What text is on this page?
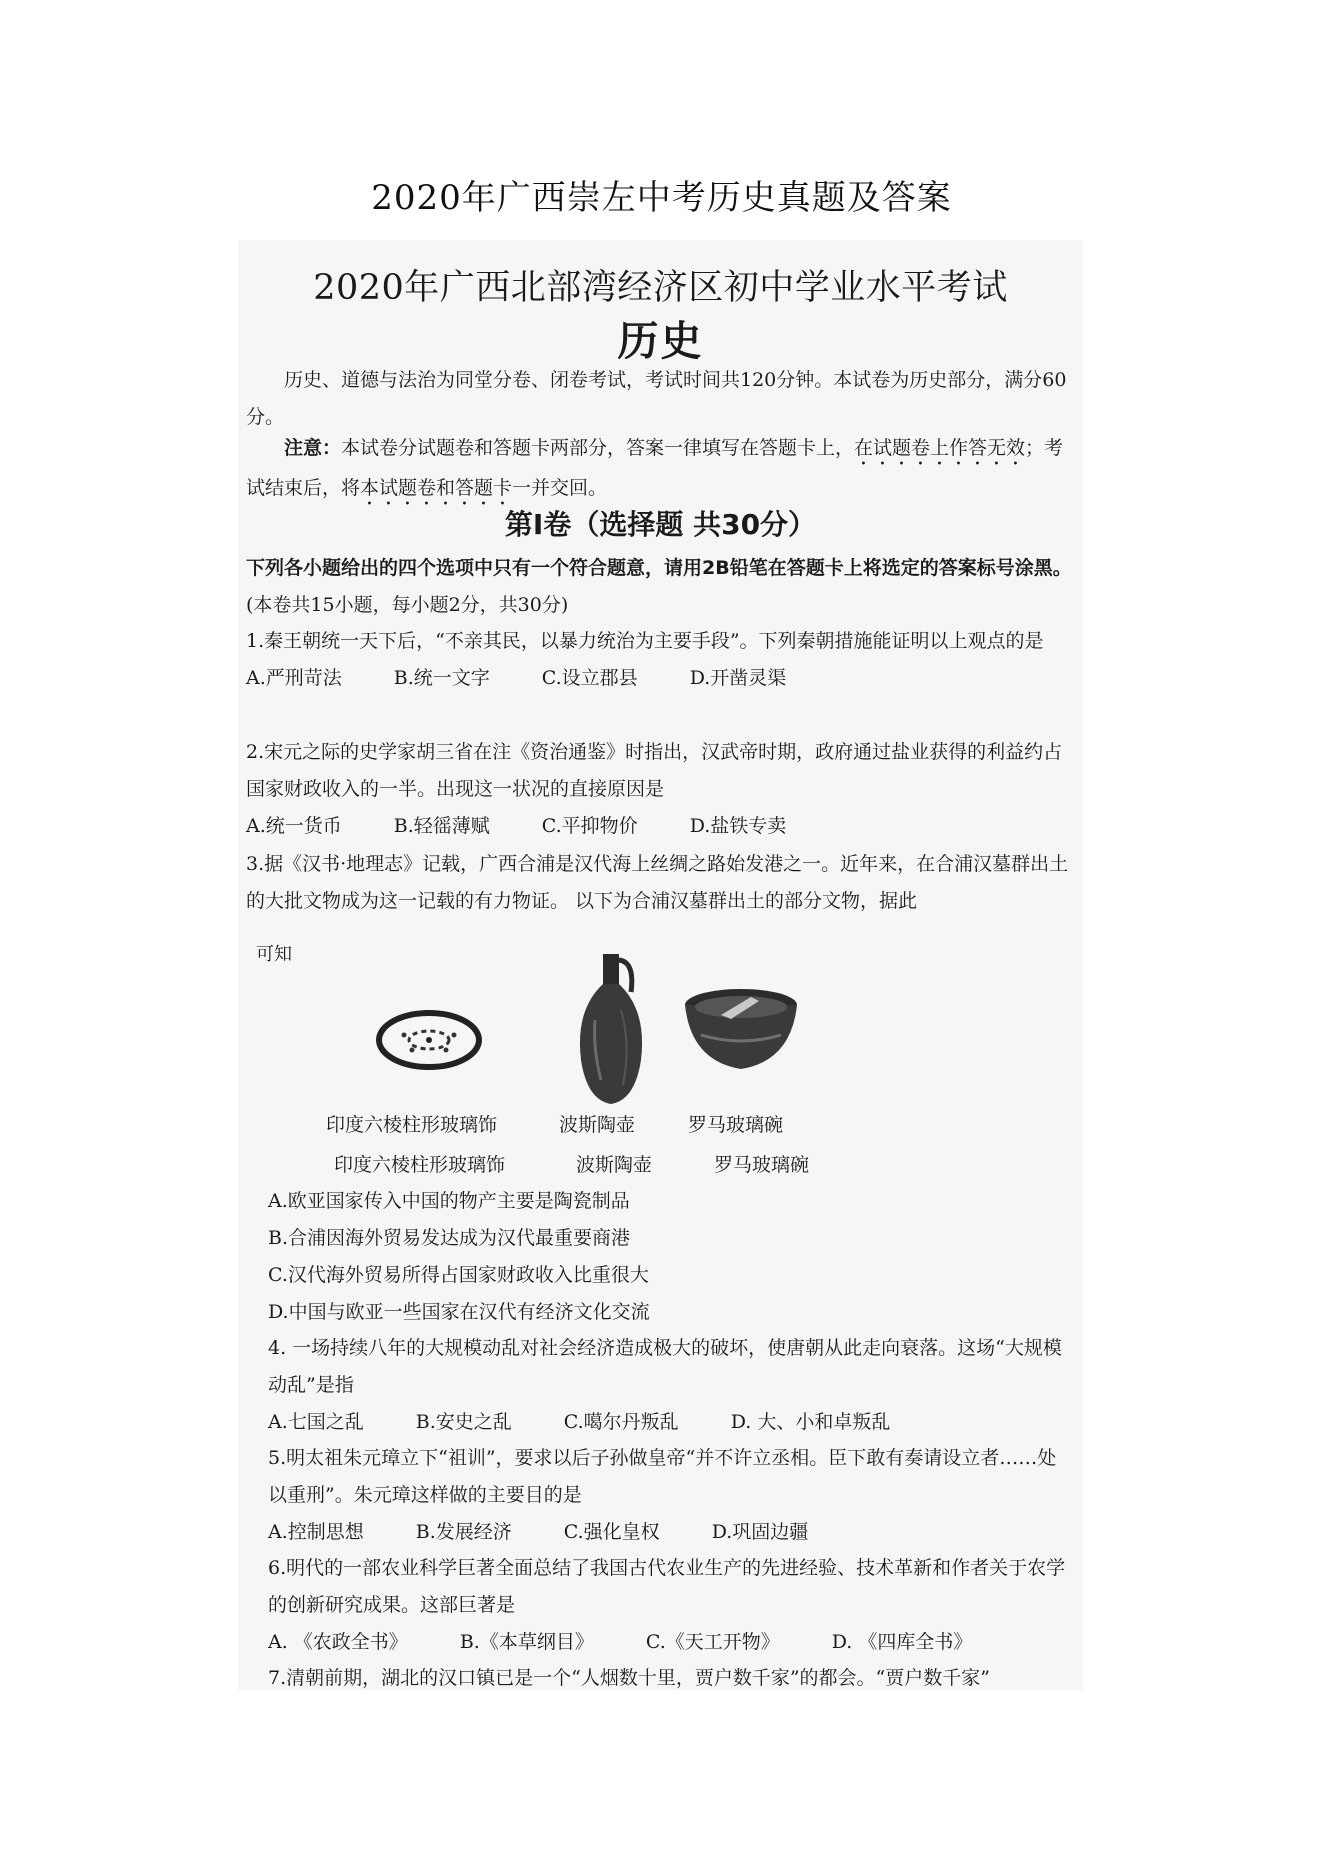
2020年广西崇左中考历史真题及答案
2020年广西北部湾经济区初中学业水平考试
历史
历史、道德与法治为同堂分卷、闭卷考试，考试时间共120分钟。本试卷为历史部分，满分60分。
注意：本试卷分试题卷和答题卡两部分，答案一律填写在答题卡上，在试题卷上作答无效；考试结束后，将本试题卷和答题卡一并交回。
第Ⅰ卷（选择题 共30分）
下列各小题给出的四个选项中只有一个符合题意，请用2B铅笔在答题卡上将选定的答案标号涂黑。(本卷共15小题，每小题2分，共30分)
1.秦王朝统一天下后，“不亲其民，以暴力统治为主要手段”。下列秦朝措施能证明以上观点的是
A.严刑苛法	B.统一文字	C.设立郡县	D.开凿灵渠
2.宋元之际的史学家胡三省在注《资治通鉴》时指出，汉武帝时期，政府通过盐业获得的利益约占国家财政收入的一半。出现这一状况的直接原因是
A.统一货币	B.轻徭薄赋	C.平抑物价	D.盐铁专卖
3.据《汉书·地理志》记载，广西合浦是汉代海上丝绸之路始发港之一。近年来，在合浦汉墓群出土的大批文物成为这一记载的有力物证。 以下为合浦汉墓群出土的部分文物，据此
可知
印度六棱柱形玻璃饰	波斯陶壶	罗马玻璃碗
印度六棱柱形玻璃饰	波斯陶壶	罗马玻璃碗
A.欧亚国家传入中国的物产主要是陶瓷制品
B.合浦因海外贸易发达成为汉代最重要商港
C.汉代海外贸易所得占国家财政收入比重很大
D.中国与欧亚一些国家在汉代有经济文化交流
4. 一场持续八年的大规模动乱对社会经济造成极大的破坏，使唐朝从此走向衰落。这场“大规模动乱”是指
A.七国之乱	B.安史之乱	C.噶尔丹叛乱	D. 大、小和卓叛乱
5.明太祖朱元璋立下“祖训”，要求以后子孙做皇帝“并不许立丞相。臣下敢有奏请设立者……处以重刑”。朱元璋这样做的主要目的是
A.控制思想	B.发展经济	C.强化皇权	D.巩固边疆
6.明代的一部农业科学巨著全面总结了我国古代农业生产的先进经验、技术革新和作者关于农学的创新研究成果。这部巨著是
A. 《农政全书》	B.《本草纲目》	C.《天工开物》	D. 《四库全书》
7.清朝前期，湖北的汉口镇已是一个“人烟数十里，贾户数千家”的都会。“贾户数千家”
